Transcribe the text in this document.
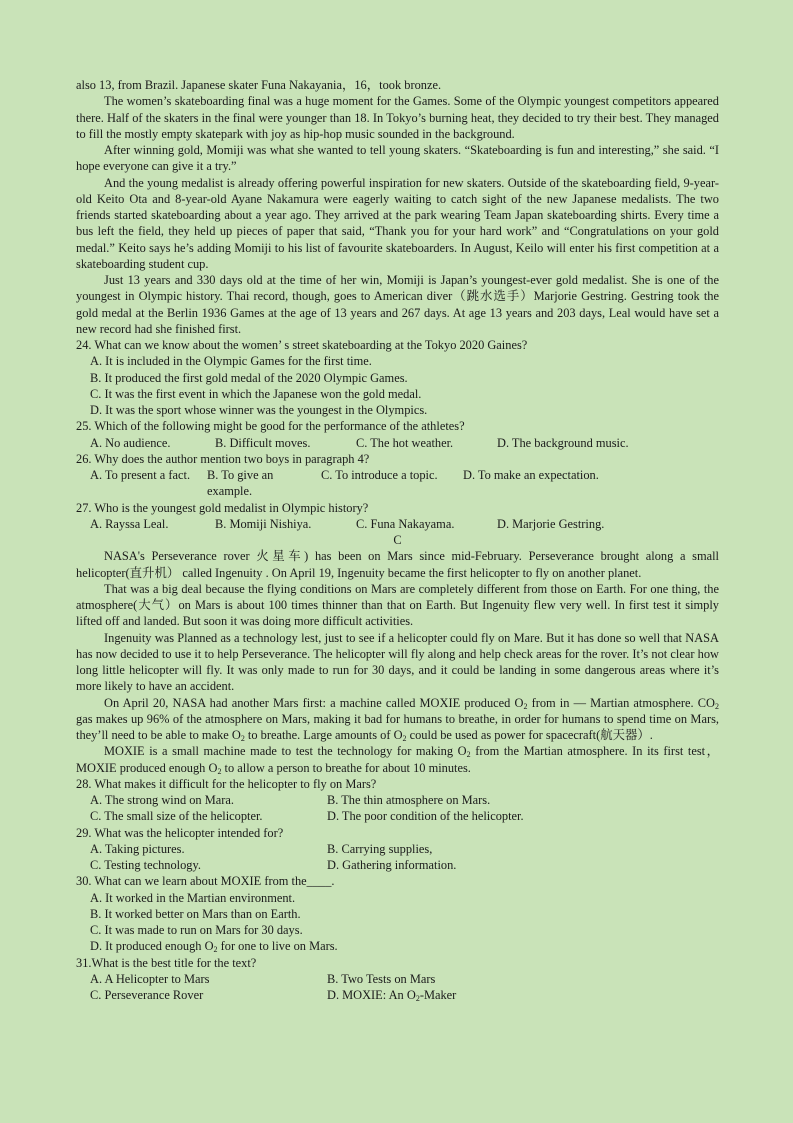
also 13, from Brazil. Japanese skater Funa Nakayania，16，took bronze.

The women’s skateboarding final was a huge moment for the Games. Some of the Olympic youngest competitors appeared there. Half of the skaters in the final were younger than 18. In Tokyo’s burning heat, they decided to try their best. They managed to fill the mostly empty skatepark with joy as hip-hop music sounded in the background.

After winning gold, Momiji was what she wanted to tell young skaters. “Skateboarding is fun and interesting,” she said. “I hope everyone can give it a try.”

And the young medalist is already offering powerful inspiration for new skaters. Outside of the skateboarding field, 9-year-old Keito Ota and 8-year-old Ayane Nakamura were eagerly waiting to catch sight of the new Japanese medalists. The two friends started skateboarding about a year ago. They arrived at the park wearing Team Japan skateboarding shirts. Every time a bus left the field, they held up pieces of paper that said, “Thank you for your hard work” and “Congratulations on your gold medal.” Keito says he’s adding Momiji to his list of favourite skateboarders. In August, Keilo will enter his first competition at a skateboarding student cup.

Just 13 years and 330 days old at the time of her win, Momiji is Japan’s youngest-ever gold medalist. She is one of the youngest in Olympic history. Thai record, though, goes to American diver（跳水选手）Marjorie Gestring. Gestring took the gold medal at the Berlin 1936 Games at the age of 13 years and 267 days. At age 13 years and 203 days, Leal would have set a new record had she finished first.

24. What can we know about the women’ s street skateboarding at the Tokyo 2020 Gaines?
A. It is included in the Olympic Games for the first time.
B. It produced the first gold medal of the 2020 Olympic Games.
C. It was the first event in which the Japanese won the gold medal.
D. It was the sport whose winner was the youngest in the Olympics.
25. Which of the following might be good for the performance of the athletes?
A. No audience.	B. Difficult moves.	C. The hot weather.	D. The background music.
26. Why does the author mention two boys in paragraph 4?
A. To present a fact.	B. To give an example.
C. To introduce a topic.	D. To make an expectation.
27. Who is the youngest gold medalist in Olympic history?
A. Rayssa Leal.	B. Momiji Nishiya.	C. Funa Nakayama.	D. Marjorie Gestring.
C

NASA's Perseverance rover 火星车) has been on Mars since mid-February. Perseverance brought along a small helicopter(直升机） called Ingenuity . On April 19, Ingenuity became the first helicopter to fly on another planet.

That was a big deal because the flying conditions on Mars are completely different from those on Earth. For one thing, the atmosphere(大气）on Mars is about 100 times thinner than that on Earth. But Ingenuity flew very well. In first test it simply lifted off and landed. But soon it was doing more difficult activities.

Ingenuity was Planned as a technology lest, just to see if a helicopter could fly on Mare. But it has done so well that NASA has now decided to use it to help Perseverance. The helicopter will fly along and help check areas for the rover. It’s not clear how long little helicopter will fly. It was only made to run for 30 days, and it could be landing in some dangerous areas where it’s more likely to have an accident.

On April 20, NASA had another Mars first: a machine called MOXIE produced $O_2$ from in — Martian atmosphere. $CO_2$ gas makes up 96% of the atmosphere on Mars, making it bad for humans to breathe, in order for humans to spend time on Mars, they’ll need to be able to make $O_2$ to breathe. Large amounts of $O_2$ could be used as power for spacecraft(航天器）.

MOXIE is a small machine made to test the technology for making $O_2$ from the Martian atmosphere. In its first test，MOXIE produced enough $O_2$ to allow a person to breathe for about 10 minutes.

28. What makes it difficult for the helicopter to fly on Mars?
A. The strong wind on Mara.	B. The thin atmosphere on Mars.
C. The small size of the helicopter.	D. The poor condition of the helicopter.
29. What was the helicopter intended for?
A. Taking pictures.	B. Carrying supplies,
C. Testing technology.	D. Gathering information.
30. What can we learn about MOXIE from the____.
A. It worked in the Martian environment.
B. It worked better on Mars than on Earth.
C. It was made to run on Mars for 30 days.
D. It produced enough $O_2$ for one to live on Mars.
31.What is the best title for the text?
A. A Helicopter to Mars	B. Two Tests on Mars
C. Perseverance Rover	D. MOXIE: An $O_2$-Maker
